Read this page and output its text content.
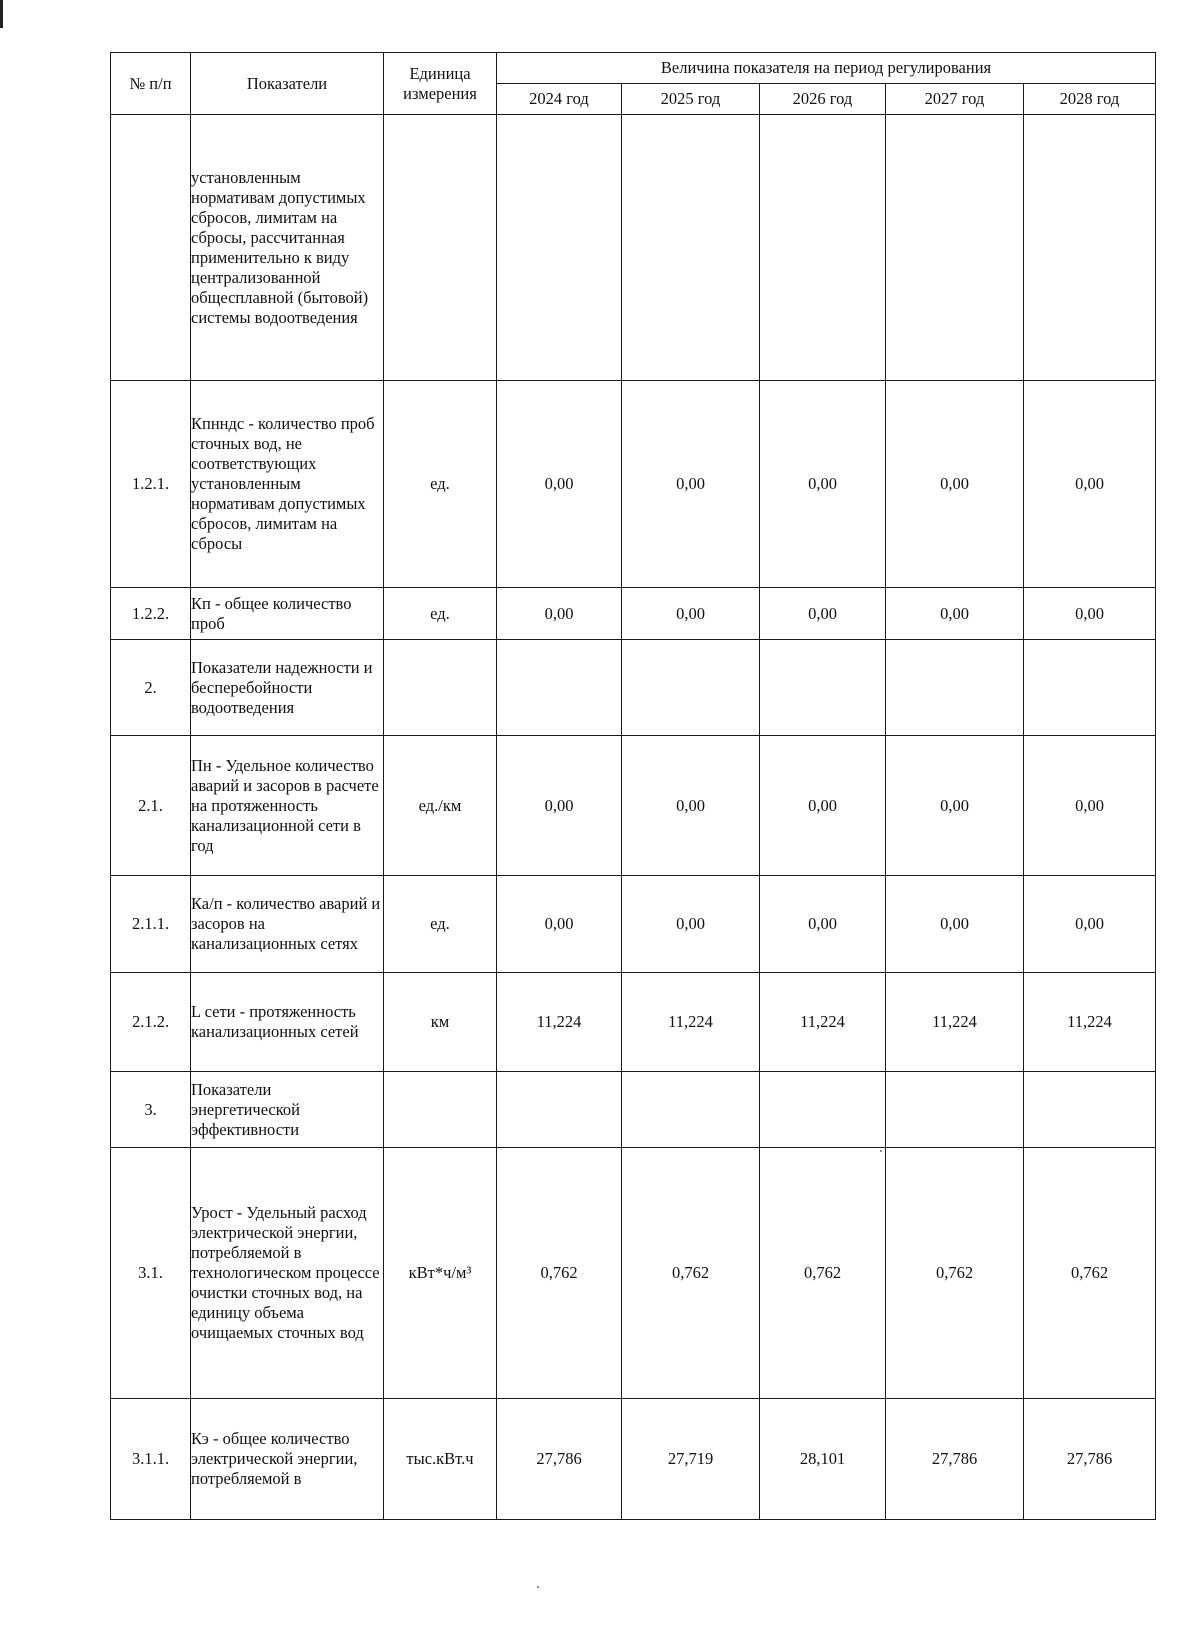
№ п/п	Показатели	Единица измерения	Величина показателя на период регулирования				
			2024 год	2025 год	2026 год	2027 год	2028 год
	установленным нормативам допустимых сбросов, лимитам на сбросы, рассчитанная применительно к виду централизованной общесплавной (бытовой) системы водоотведения						
1.2.1.	Кпнндс - количество проб сточных вод, не соответствующих установленным нормативам допустимых сбросов, лимитам на сбросы	ед.	0,00	0,00	0,00	0,00	0,00
1.2.2.	Кп - общее количество проб	ед.	0,00	0,00	0,00	0,00	0,00
2.	Показатели надежности и бесперебойности водоотведения						
2.1.	Пн - Удельное количество аварий и засоров в расчете на протяженность канализационной сети в год	ед./км	0,00	0,00	0,00	0,00	0,00
2.1.1.	Ка/п - количество аварий и засоров на канализационных сетях	ед.	0,00	0,00	0,00	0,00	0,00
2.1.2.	L сети - протяженность канализационных сетей	км	11,224	11,224	11,224	11,224	11,224
3.	Показатели энергетической эффективности						
3.1.	Урост - Удельный расход электрической энергии, потребляемой в технологическом процессе очистки сточных вод, на единицу объема очищаемых сточных вод	кВт*ч/м³	0,762	0,762	0,762	0,762	0,762
3.1.1.	Кэ - общее количество электрической энергии, потребляемой в	тыс.кВт.ч	27,786	27,719	28,101	27,786	27,786
